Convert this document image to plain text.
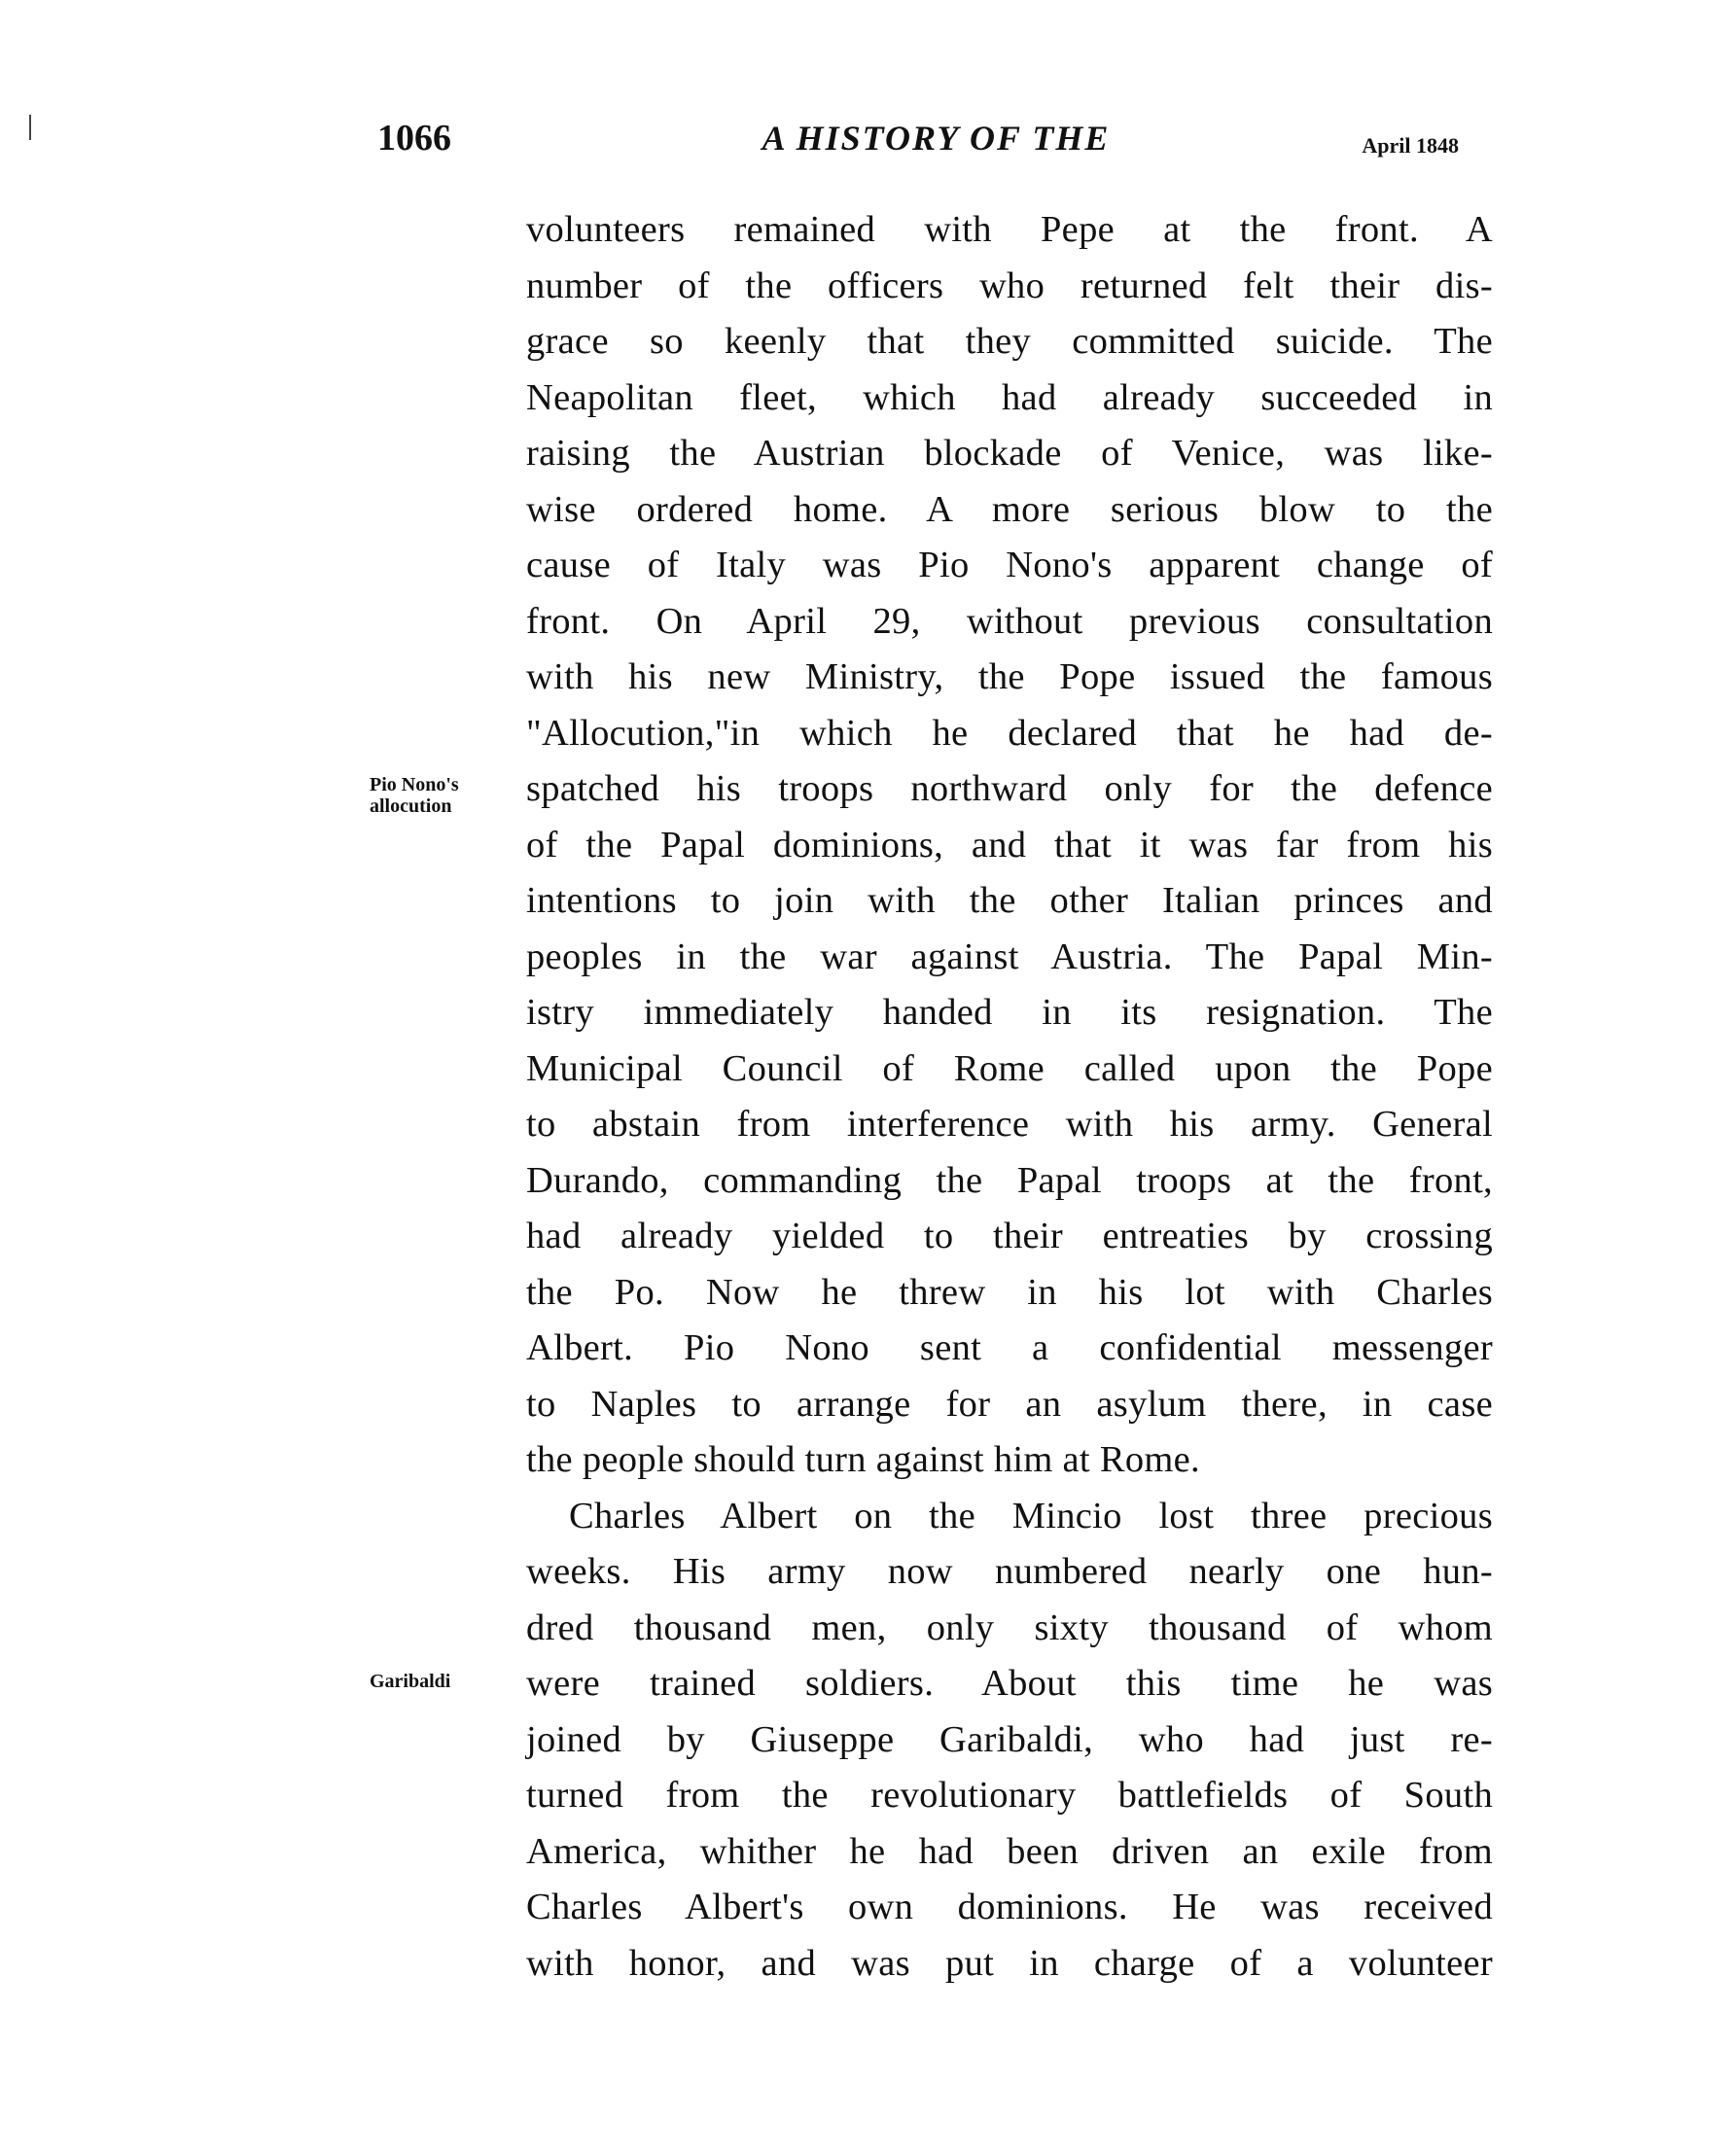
1066	A HISTORY OF THE	April 1848
Pio Nono's
allocution
Garibaldi
volunteers remained with Pepe at the front. A
number of the officers who returned felt their dis-
grace so keenly that they committed suicide. The
Neapolitan fleet, which had already succeeded in
raising the Austrian blockade of Venice, was like-
wise ordered home. A more serious blow to the
cause of Italy was Pio Nono's apparent change of
front. On April 29, without previous consultation
with his new Ministry, the Pope issued the famous
"Allocution,"in which he declared that he had de-
spatched his troops northward only for the defence
of the Papal dominions, and that it was far from his
intentions to join with the other Italian princes and
peoples in the war against Austria. The Papal Min-
istry immediately handed in its resignation. The
Municipal Council of Rome called upon the Pope
to abstain from interference with his army. General
Durando, commanding the Papal troops at the front,
had already yielded to their entreaties by crossing
the Po. Now he threw in his lot with Charles
Albert. Pio Nono sent a confidential messenger
to Naples to arrange for an asylum there, in case
the people should turn against him at Rome.
Charles Albert on the Mincio lost three precious
weeks. His army now numbered nearly one hun-
dred thousand men, only sixty thousand of whom
were trained soldiers. About this time he was
joined by Giuseppe Garibaldi, who had just re-
turned from the revolutionary battlefields of South
America, whither he had been driven an exile from
Charles Albert's own dominions. He was received
with honor, and was put in charge of a volunteer
